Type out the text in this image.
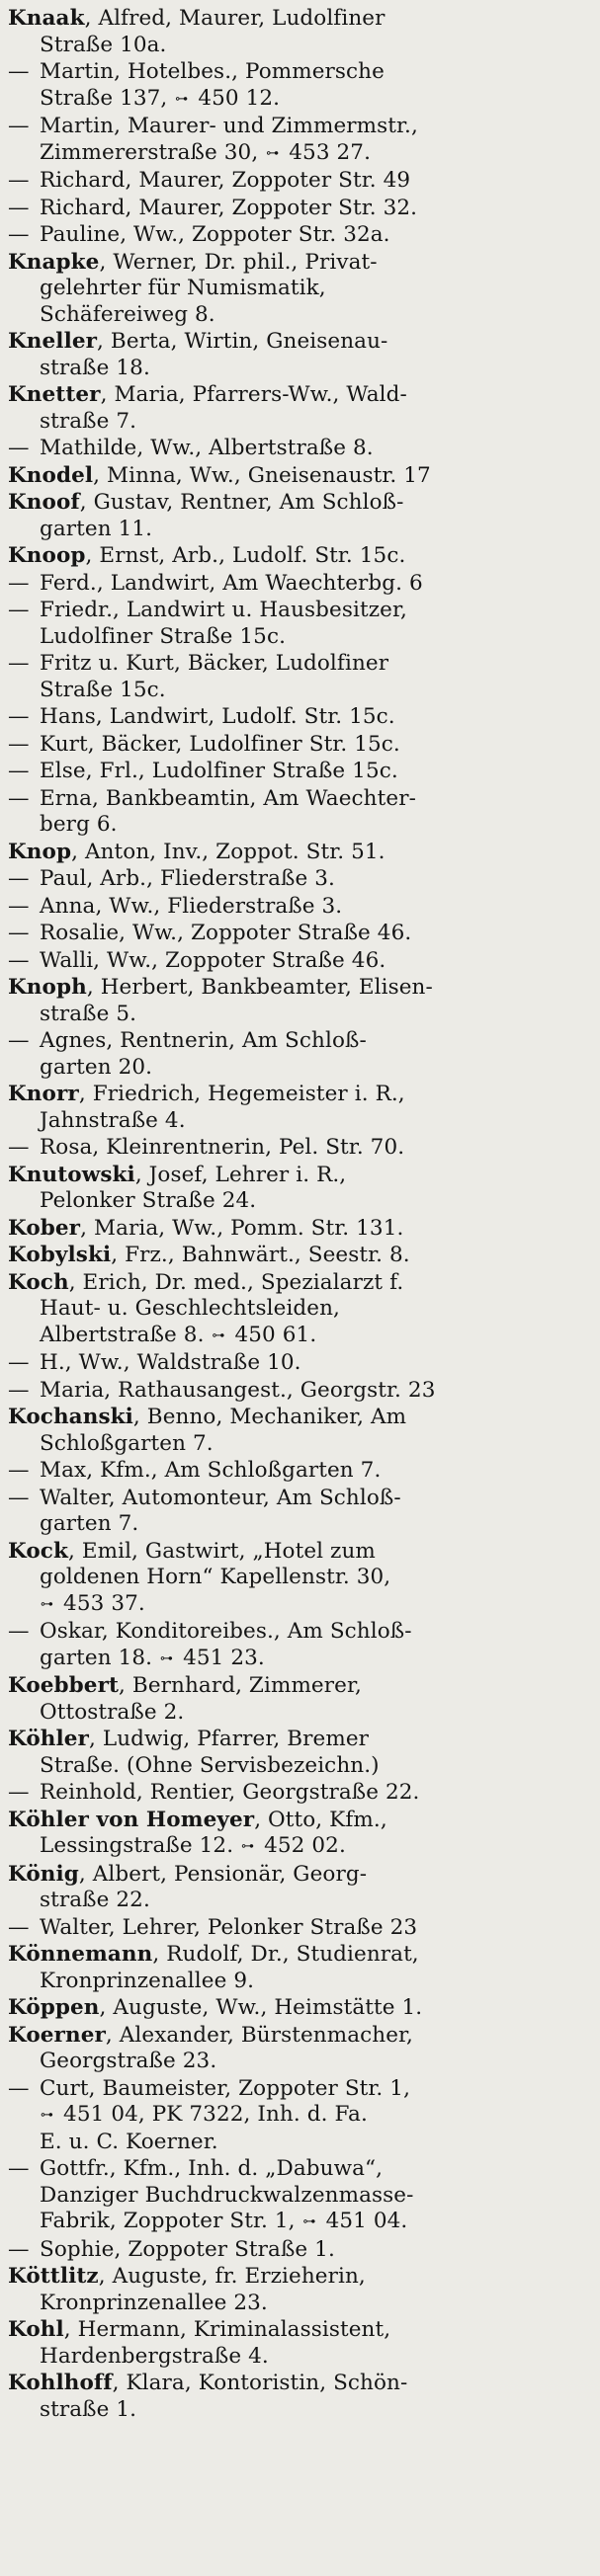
Knaak, Alfred, Maurer, Ludolfiner
Straße 10a.
— Martin, Hotelbes., Pommersche
Straße 137, ⊶ 450 12.
— Martin, Maurer- und Zimmermstr.,
Zimmererstraße 30, ⊶ 453 27.
— Richard, Maurer, Zoppoter Str. 49
— Richard, Maurer, Zoppoter Str. 32.
— Pauline, Ww., Zoppoter Str. 32a.
Knapke, Werner, Dr. phil., Privat-
gelehrter für Numismatik,
Schäfereiweg 8.
Kneller, Berta, Wirtin, Gneisenau-
straße 18.
Knetter, Maria, Pfarrers-Ww., Wald-
straße 7.
— Mathilde, Ww., Albertstraße 8.
Knodel, Minna, Ww., Gneisenaustr. 17
Knoof, Gustav, Rentner, Am Schloß-
garten 11.
Knoop, Ernst, Arb., Ludolf. Str. 15c.
— Ferd., Landwirt, Am Waechterbg. 6
— Friedr., Landwirt u. Hausbesitzer,
Ludolfiner Straße 15c.
— Fritz u. Kurt, Bäcker, Ludolfiner
Straße 15c.
— Hans, Landwirt, Ludolf. Str. 15c.
— Kurt, Bäcker, Ludolfiner Str. 15c.
— Else, Frl., Ludolfiner Straße 15c.
— Erna, Bankbeamtin, Am Waechter-
berg 6.
Knop, Anton, Inv., Zoppot. Str. 51.
— Paul, Arb., Fliederstraße 3.
— Anna, Ww., Fliederstraße 3.
— Rosalie, Ww., Zoppoter Straße 46.
— Walli, Ww., Zoppoter Straße 46.
Knoph, Herbert, Bankbeamter, Elisen-
straße 5.
— Agnes, Rentnerin, Am Schloß-
garten 20.
Knorr, Friedrich, Hegemeister i. R.,
Jahnstraße 4.
— Rosa, Kleinrentnerin, Pel. Str. 70.
Knutowski, Josef, Lehrer i. R.,
Pelonker Straße 24.
Kober, Maria, Ww., Pomm. Str. 131.
Kobylski, Frz., Bahnwärt., Seestr. 8.
Koch, Erich, Dr. med., Spezialarzt f.
Haut- u. Geschlechtsleiden,
Albertstraße 8. ⊶ 450 61.
— H., Ww., Waldstraße 10.
— Maria, Rathausangest., Georgstr. 23
Kochanski, Benno, Mechaniker, Am
Schloßgarten 7.
— Max, Kfm., Am Schloßgarten 7.
— Walter, Automonteur, Am Schloß-
garten 7.
Kock, Emil, Gastwirt, „Hotel zum
goldenen Horn“ Kapellenstr. 30,
⊶ 453 37.
— Oskar, Konditoreibes., Am Schloß-
garten 18. ⊶ 451 23.
Koebbert, Bernhard, Zimmerer,
Ottostraße 2.
Köhler, Ludwig, Pfarrer, Bremer
Straße. (Ohne Servisbezeichn.)
— Reinhold, Rentier, Georgstraße 22.
Köhler von Homeyer, Otto, Kfm.,
Lessingstraße 12. ⊶ 452 02.
König, Albert, Pensionär, Georg-
straße 22.
— Walter, Lehrer, Pelonker Straße 23
Könnemann, Rudolf, Dr., Studienrat,
Kronprinzenallee 9.
Köppen, Auguste, Ww., Heimstätte 1.
Koerner, Alexander, Bürstenmacher,
Georgstraße 23.
— Curt, Baumeister, Zoppoter Str. 1,
⊶ 451 04, PK 7322, Inh. d. Fa.
E. u. C. Koerner.
— Gottfr., Kfm., Inh. d. „Dabuwa“,
Danziger Buchdruckwalzenmasse-
Fabrik, Zoppoter Str. 1, ⊶ 451 04.
— Sophie, Zoppoter Straße 1.
Köttlitz, Auguste, fr. Erzieherin,
Kronprinzenallee 23.
Kohl, Hermann, Kriminalassistent,
Hardenbergstraße 4.
Kohlhoff, Klara, Kontoristin, Schön-
straße 1.
